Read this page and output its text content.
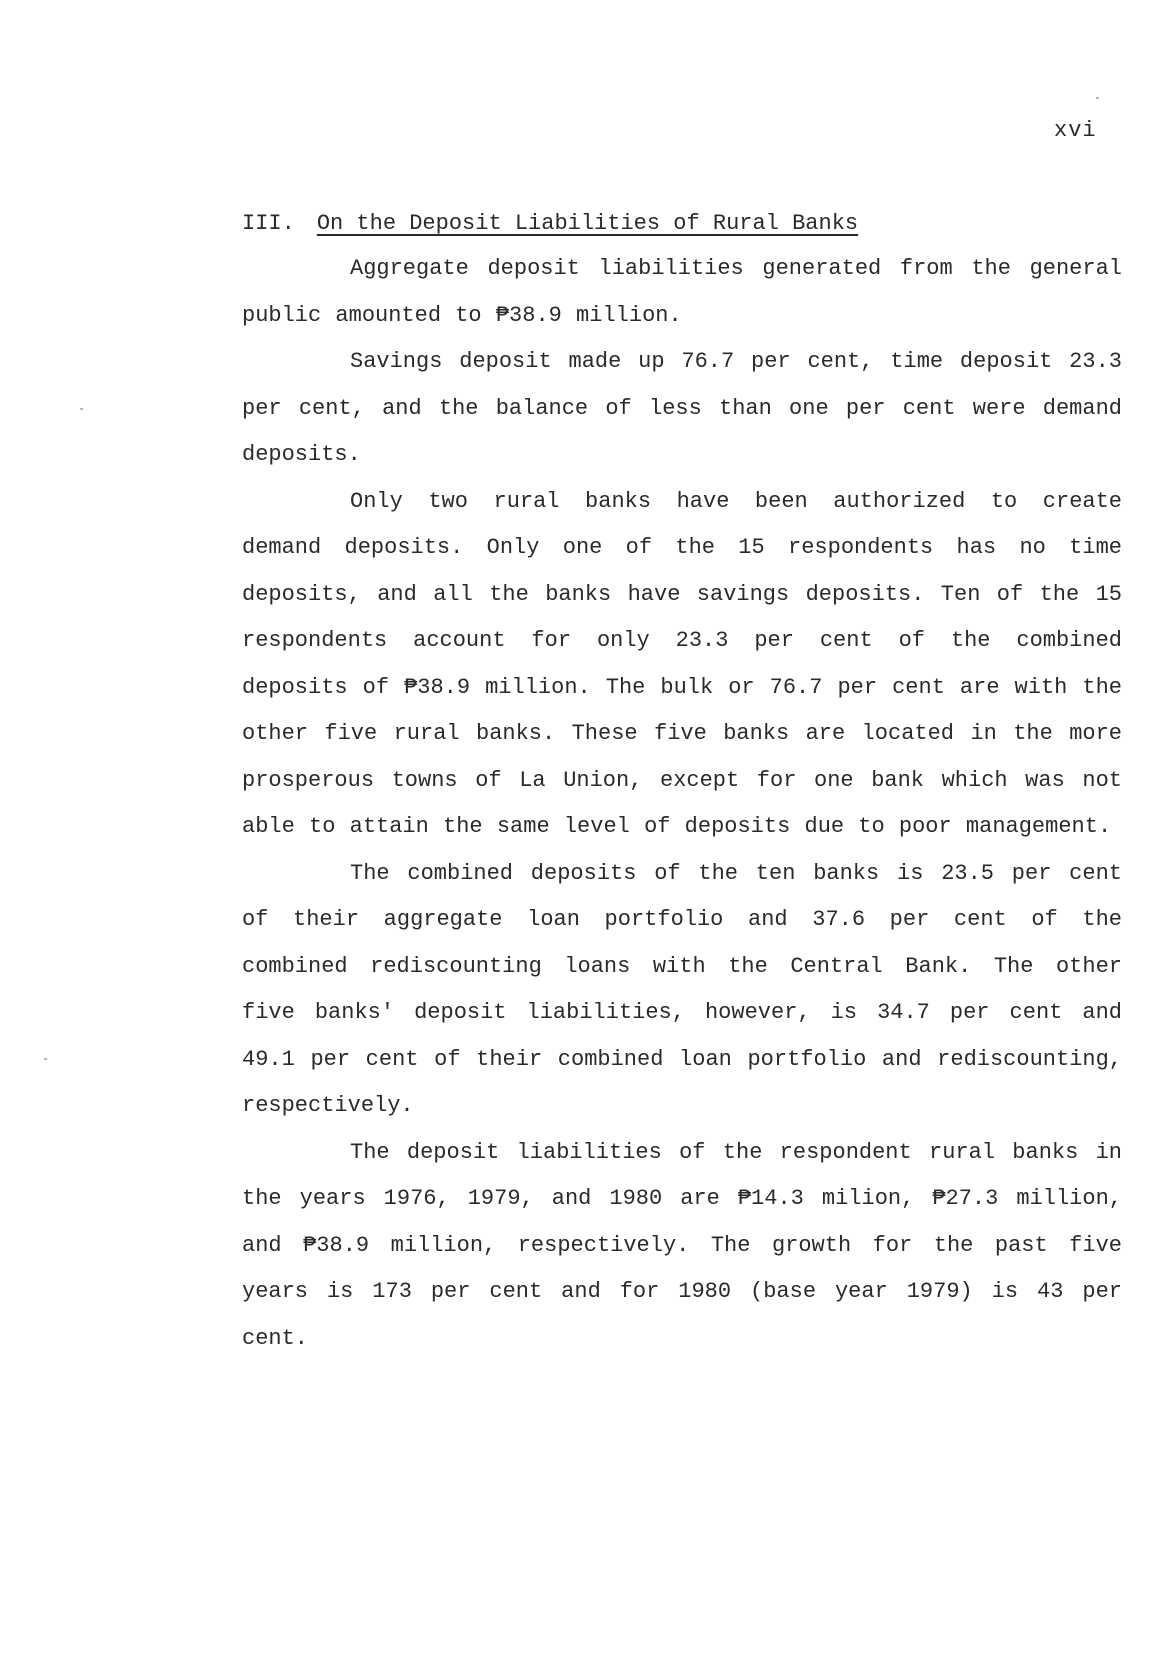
xvi
III. On the Deposit Liabilities of Rural Banks

Aggregate deposit liabilities generated from the general public amounted to ₱38.9 million.

Savings deposit made up 76.7 per cent, time deposit 23.3 per cent, and the balance of less than one per cent were demand deposits.

Only two rural banks have been authorized to create demand deposits. Only one of the 15 respondents has no time deposits, and all the banks have savings deposits. Ten of the 15 respondents account for only 23.3 per cent of the combined deposits of ₱38.9 million. The bulk or 76.7 per cent are with the other five rural banks. These five banks are located in the more prosperous towns of La Union, except for one bank which was not able to attain the same level of deposits due to poor management.

The combined deposits of the ten banks is 23.5 per cent of their aggregate loan portfolio and 37.6 per cent of the combined rediscounting loans with the Central Bank. The other five banks' deposit liabilities, however, is 34.7 per cent and 49.1 per cent of their combined loan portfolio and rediscounting, respectively.

The deposit liabilities of the respondent rural banks in the years 1976, 1979, and 1980 are ₱14.3 milion, ₱27.3 million, and ₱38.9 million, respectively. The growth for the past five years is 173 per cent and for 1980 (base year 1979) is 43 per cent.
